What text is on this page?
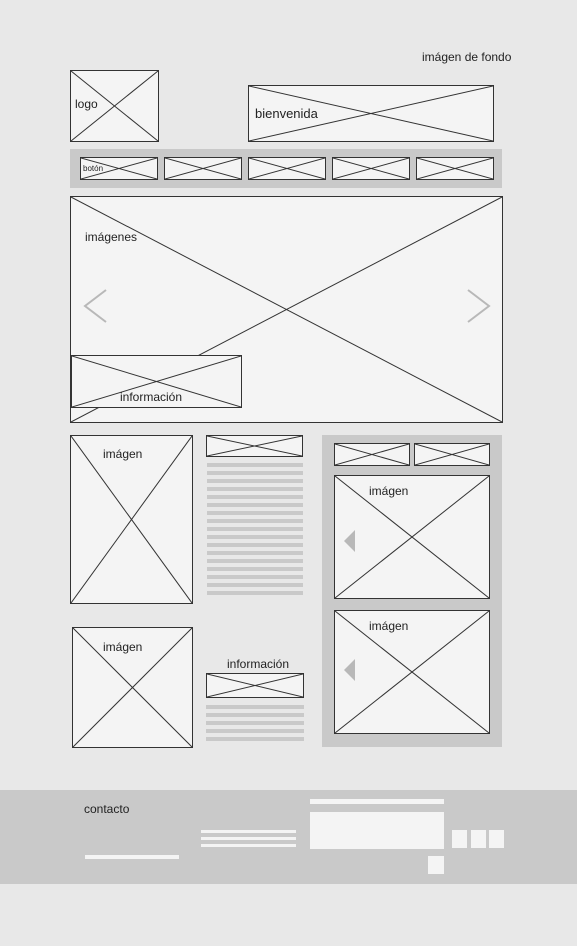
imágen de fondo
logo
bienvenida
botón
imágenes
información
imágen
imágen
información
imágen
imágen
contacto
